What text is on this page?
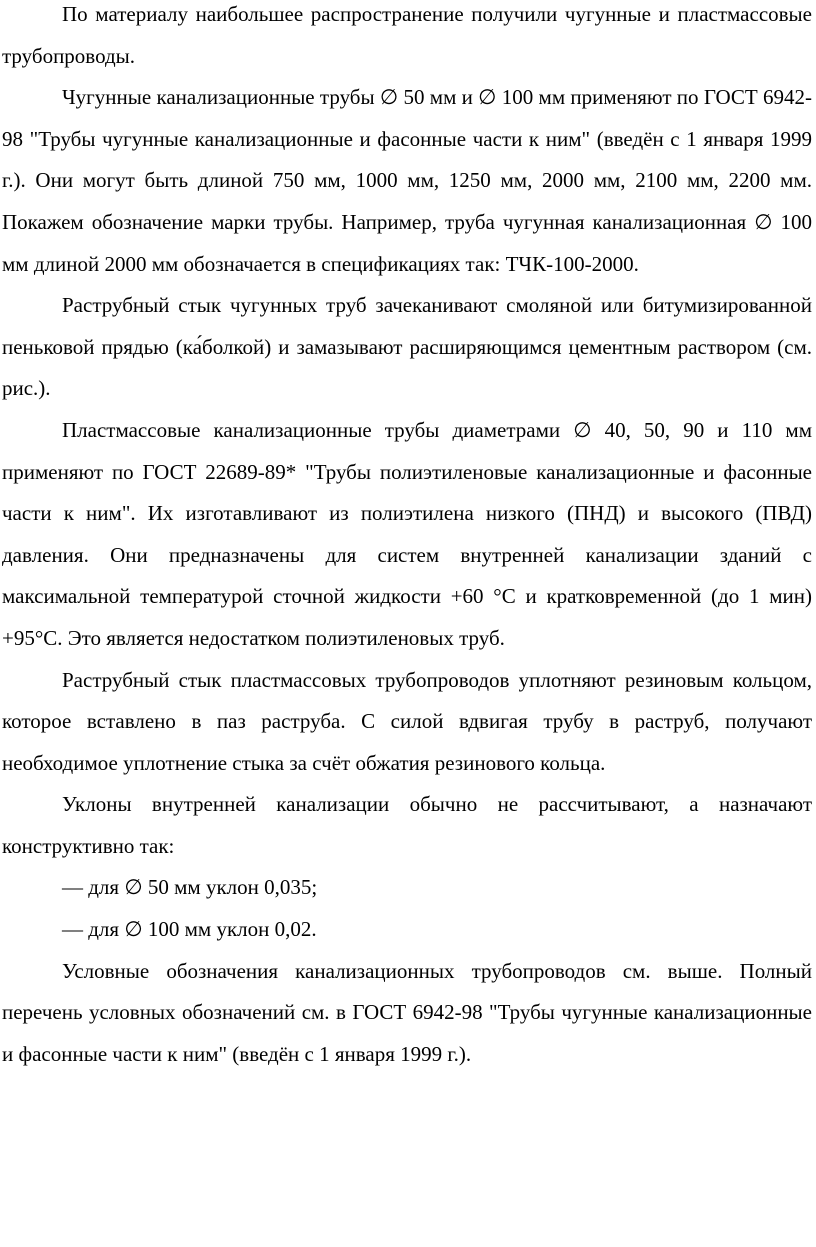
По материалу наибольшее распространение получили чугунные и пластмассовые трубопроводы.

Чугунные канализационные трубы ∅ 50 мм и ∅ 100 мм применяют по ГОСТ 6942-98 "Трубы чугунные канализационные и фасонные части к ним" (введён с 1 января 1999 г.). Они могут быть длиной 750 мм, 1000 мм, 1250 мм, 2000 мм, 2100 мм, 2200 мм. Покажем обозначение марки трубы. Например, труба чугунная канализационная ∅ 100 мм длиной 2000 мм обозначается в спецификациях так: ТЧК-100-2000.

Раструбный стык чугунных труб зачеканивают смоляной или битумизированной пеньковой прядью (ка́болкой) и замазывают расширяющимся цементным раствором (см. рис.).

Пластмассовые канализационные трубы диаметрами ∅ 40, 50, 90 и 110 мм применяют по ГОСТ 22689-89* "Трубы полиэтиленовые канализационные и фасонные части к ним". Их изготавливают из полиэтилена низкого (ПНД) и высокого (ПВД) давления. Они предназначены для систем внутренней канализации зданий с максимальной температурой сточной жидкости +60 °С и кратковременной (до 1 мин) +95°С. Это является недостатком полиэтиленовых труб.

Раструбный стык пластмассовых трубопроводов уплотняют резиновым кольцом, которое вставлено в паз раструба. С силой вдвигая трубу в раструб, получают необходимое уплотнение стыка за счёт обжатия резинового кольца.

Уклоны внутренней канализации обычно не рассчитывают, а назначают конструктивно так:

— для ∅ 50 мм уклон 0,035;

— для ∅ 100 мм уклон 0,02.

Условные обозначения канализационных трубопроводов см. выше. Полный перечень условных обозначений см. в ГОСТ 6942-98 "Трубы чугунные канализационные и фасонные части к ним" (введён с 1 января 1999 г.).
